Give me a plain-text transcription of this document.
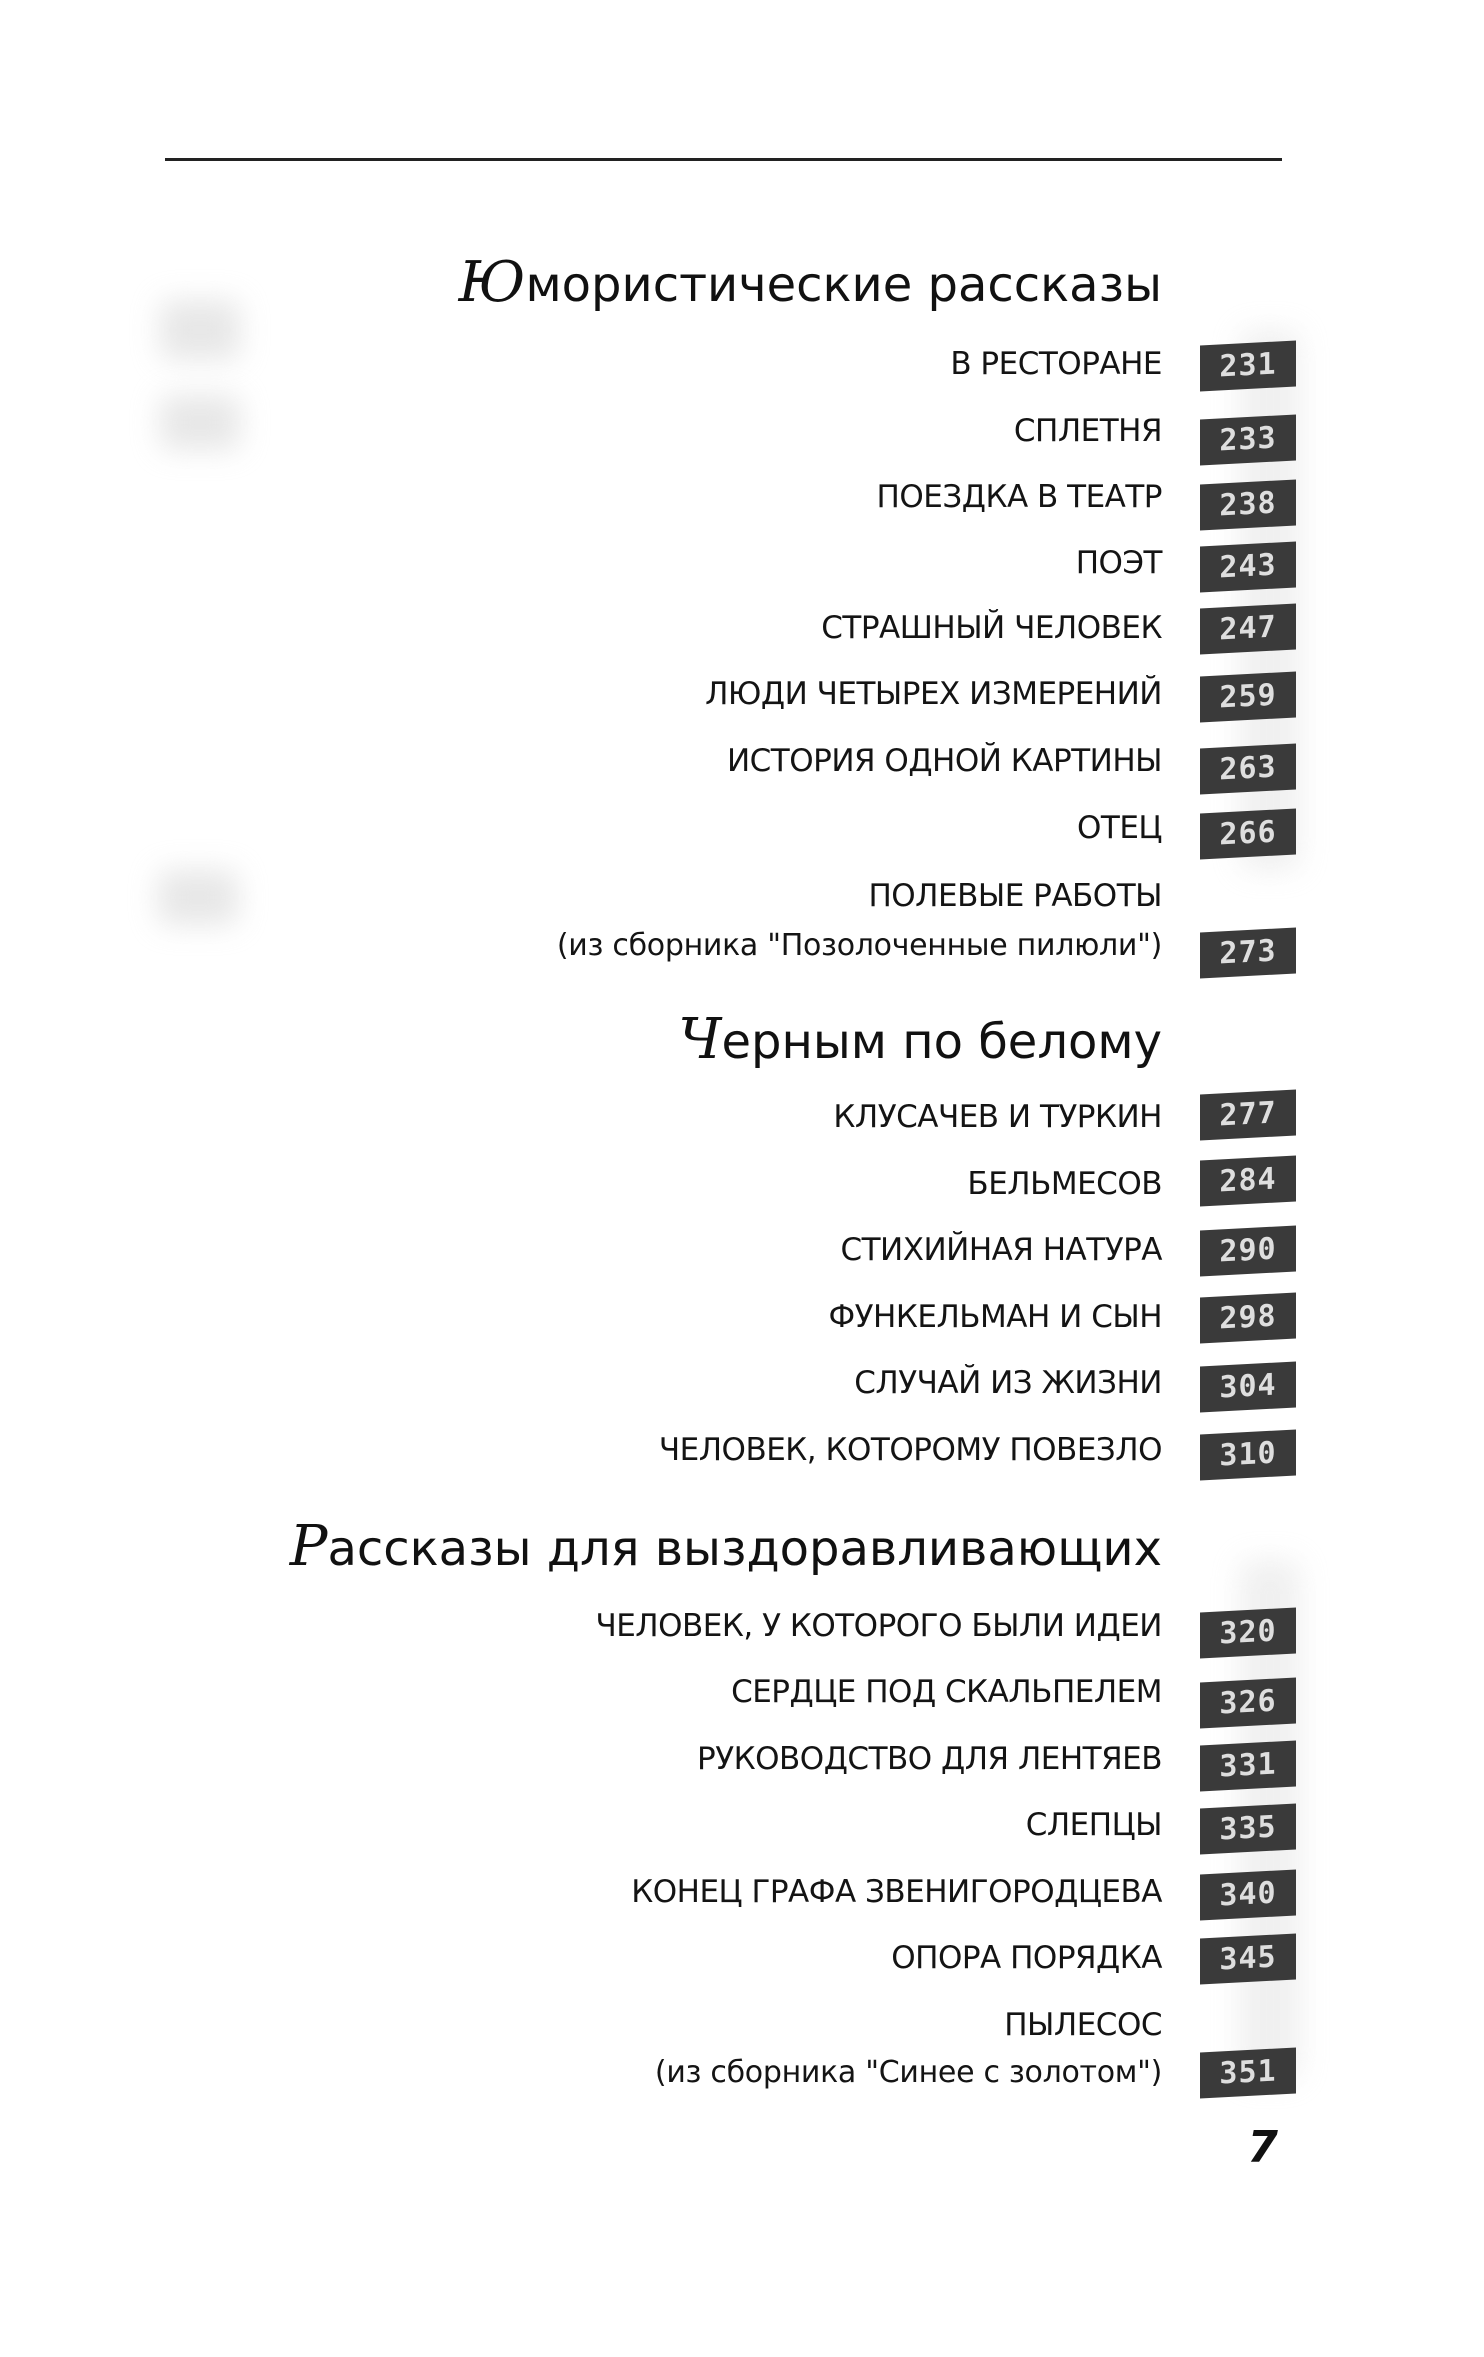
Юмористические рассказы
В РЕСТОРАНЕ	231
СПЛЕТНЯ	233
ПОЕЗДКА В ТЕАТР	238
ПОЭТ	243
СТРАШНЫЙ ЧЕЛОВЕК	247
ЛЮДИ ЧЕТЫРЕХ ИЗМЕРЕНИЙ	259
ИСТОРИЯ ОДНОЙ КАРТИНЫ	263
ОТЕЦ	266
ПОЛЕВЫЕ РАБОТЫ
(из сборника "Позолоченные пилюли")	273
Черным по белому
КЛУСАЧЕВ И ТУРКИН	277
БЕЛЬМЕСОВ	284
СТИХИЙНАЯ НАТУРА	290
ФУНКЕЛЬМАН И СЫН	298
СЛУЧАЙ ИЗ ЖИЗНИ	304
ЧЕЛОВЕК, КОТОРОМУ ПОВЕЗЛО	310
Рассказы для выздоравливающих
ЧЕЛОВЕК, У КОТОРОГО БЫЛИ ИДЕИ	320
СЕРДЦЕ ПОД СКАЛЬПЕЛЕМ	326
РУКОВОДСТВО ДЛЯ ЛЕНТЯЕВ	331
СЛЕПЦЫ	335
КОНЕЦ ГРАФА ЗВЕНИГОРОДЦЕВА	340
ОПОРА ПОРЯДКА	345
ПЫЛЕСОС
(из сборника "Синее с золотом")	351
7
